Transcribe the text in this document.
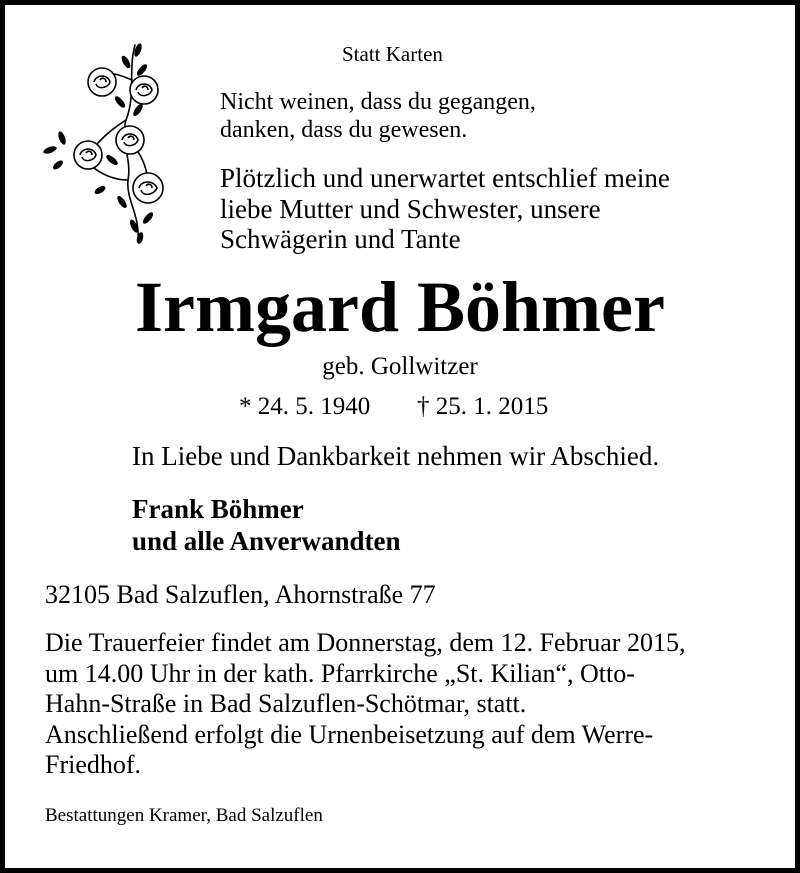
Statt Karten

Nicht weinen, dass du gegangen,
danken, dass du gewesen.
Plötzlich und unerwartet entschlief meine
liebe Mutter und Schwester, unsere
Schwägerin und Tante
Irmgard Böhmer

geb. Gollwitzer

* 24. 5. 1940 † 25. 1. 2015

In Liebe und Dankbarkeit nehmen wir Abschied.

Frank Böhmer
und alle Anverwandten

32105 Bad Salzuflen, Ahornstraße 77

Die Trauerfeier findet am Donnerstag, dem 12. Februar 2015,
um 14.00 Uhr in der kath. Pfarrkirche „St. Kilian“, Otto-
Hahn-Straße in Bad Salzuflen-Schötmar, statt.
Anschließend erfolgt die Urnenbeisetzung auf dem Werre-
Friedhof.

Bestattungen Kramer, Bad Salzuflen
